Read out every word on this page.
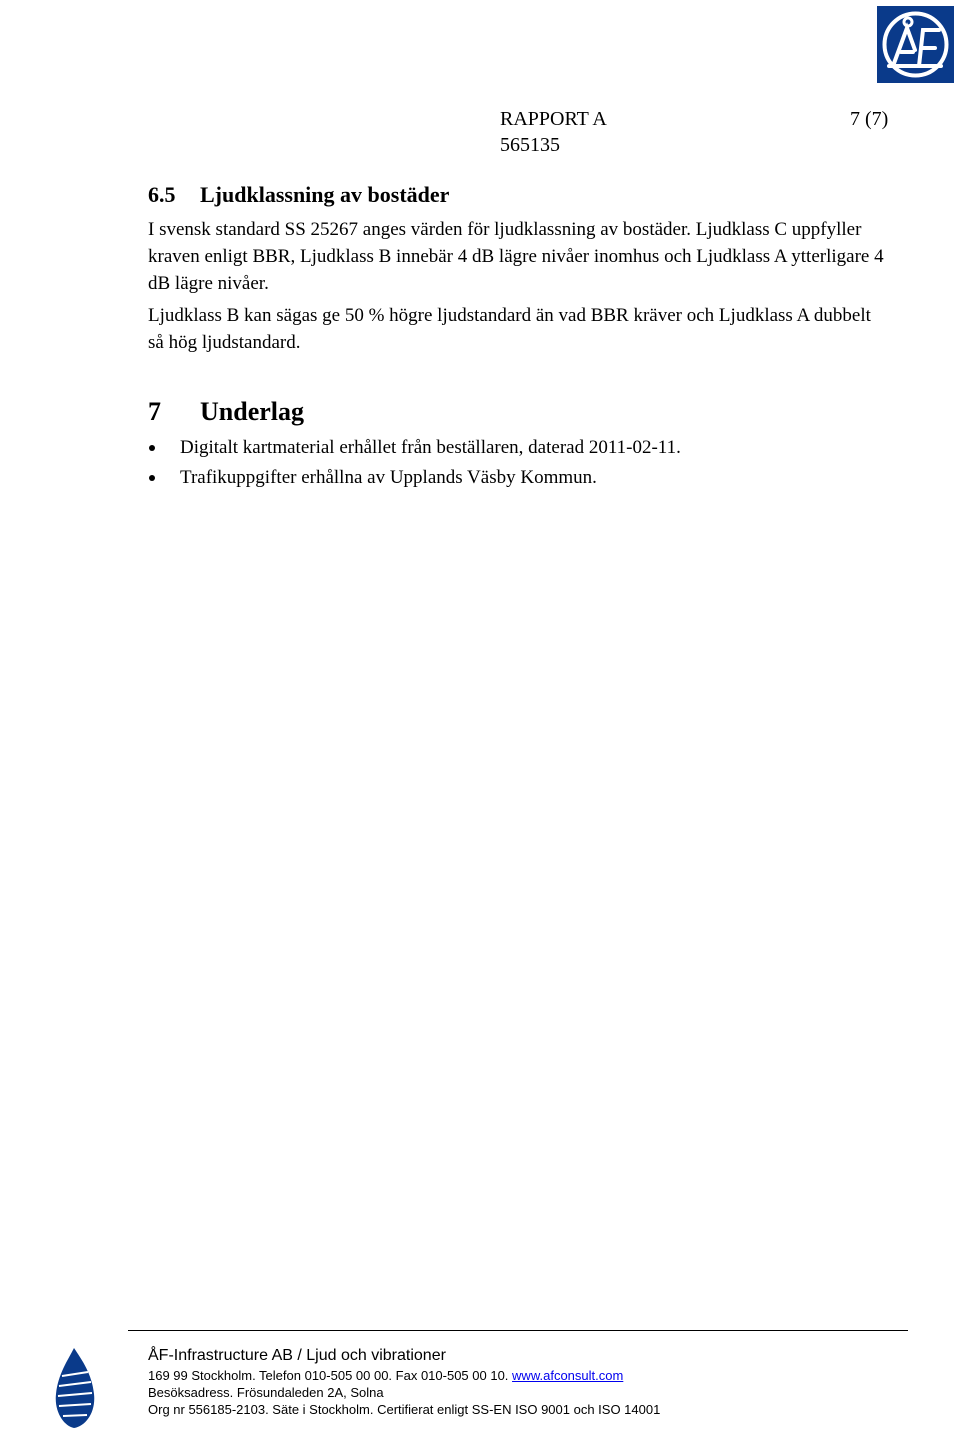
RAPPORT A 565135
7 (7)
6.5 Ljudklassning av bostäder

I svensk standard SS 25267 anges värden för ljudklassning av bostäder. Ljudklass C uppfyller kraven enligt BBR, Ljudklass B innebär 4 dB lägre nivåer inomhus och Ljudklass A ytterligare 4 dB lägre nivåer.

Ljudklass B kan sägas ge 50 % högre ljudstandard än vad BBR kräver och Ljudklass A dubbelt så hög ljudstandard.

7 Underlag
Digitalt kartmaterial erhållet från beställaren, daterad 2011-02-11.
Trafikuppgifter erhållna av Upplands Väsby Kommun.
ÅF-Infrastructure AB / Ljud och vibrationer
169 99 Stockholm. Telefon 010-505 00 00. Fax 010-505 00 10. www.afconsult.com
Besöksadress. Frösundaleden 2A, Solna
Org nr 556185-2103. Säte i Stockholm. Certifierat enligt SS-EN ISO 9001 och ISO 14001
